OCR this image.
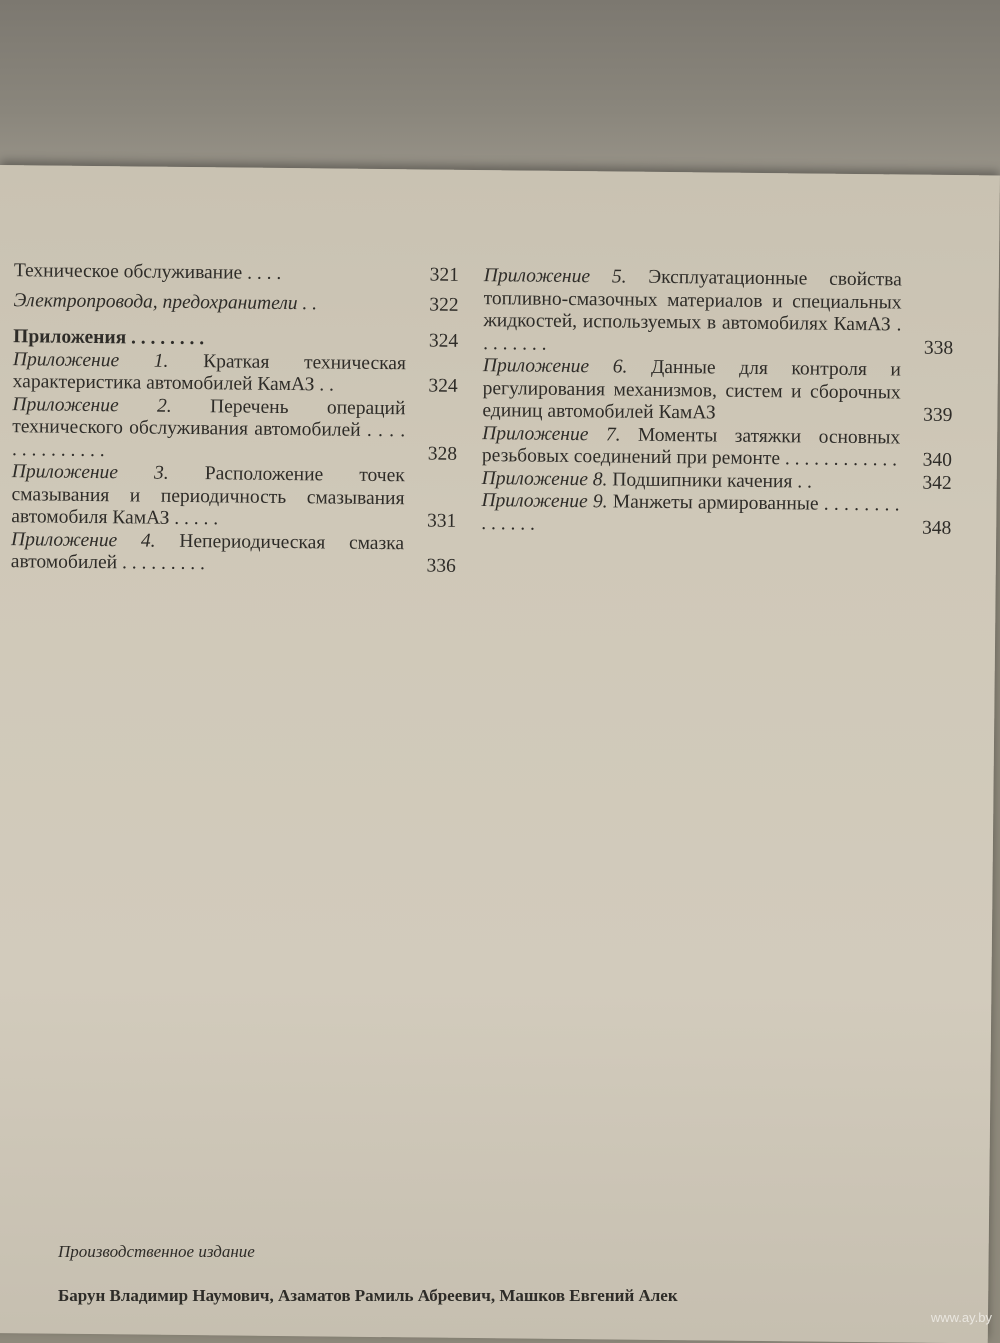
Техническое обслуживание . . . .	321
Электропровода, предохранители . .	322
Приложения . . . . . . . .	324
Приложение 1. Краткая техническая характеристика автомобилей КамАЗ . .	324
Приложение 2. Перечень операций технического обслуживания автомобилей . . . . . . . . . . . . . .	328
Приложение 3. Расположение точек смазывания и периодичность смазывания автомобиля КамАЗ . . . . .	331
Приложение 4. Непериодическая смазка автомобилей . . . . . . . . .	336
Приложение 5. Эксплуатационные свойства топливно-смазочных материалов и специальных жидкостей, используемых в автомобилях КамАЗ . . . . . . . .	338
Приложение 6. Данные для контроля и регулирования механизмов, систем и сборочных единиц автомобилей КамАЗ	339
Приложение 7. Моменты затяжки основных резьбовых соединений при ремонте . . . . . . . . . . . .	340
Приложение 8. Подшипники качения . .	342
Приложение 9. Манжеты армированные . . . . . . . . . . . . . .	348
Производственное издание
Барун Владимир Наумович, Азаматов Рамиль Абреевич, Машков Евгений Алек
www.ay.by
